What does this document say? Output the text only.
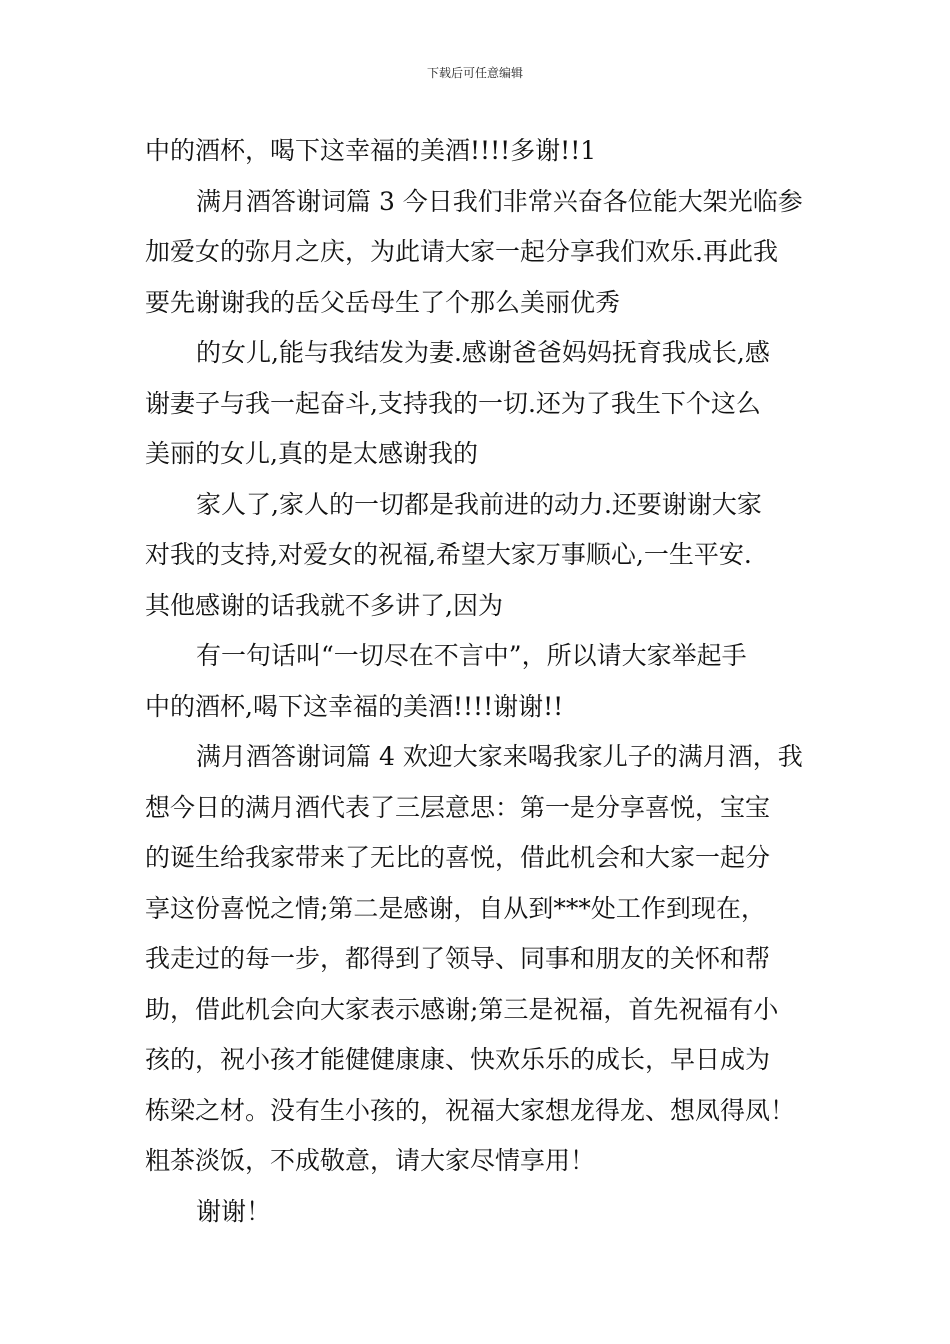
下载后可任意编辑
中的酒杯，喝下这幸福的美酒!!!!多谢!!1
满月酒答谢词篇 3 今日我们非常兴奋各位能大架光临参
加爱女的弥月之庆，为此请大家一起分享我们欢乐.再此我
要先谢谢我的岳父岳母生了个那么美丽优秀
的女儿,能与我结发为妻.感谢爸爸妈妈抚育我成长,感
谢妻子与我一起奋斗,支持我的一切.还为了我生下个这么
美丽的女儿,真的是太感谢我的
家人了,家人的一切都是我前进的动力.还要谢谢大家
对我的支持,对爱女的祝福,希望大家万事顺心,一生平安.
其他感谢的话我就不多讲了,因为
有一句话叫“一切尽在不言中”，所以请大家举起手
中的酒杯,喝下这幸福的美酒!!!!谢谢!!
满月酒答谢词篇 4 欢迎大家来喝我家儿子的满月酒，我
想今日的满月酒代表了三层意思：第一是分享喜悦，宝宝
的诞生给我家带来了无比的喜悦，借此机会和大家一起分
享这份喜悦之情;第二是感谢，自从到***处工作到现在，
我走过的每一步，都得到了领导、同事和朋友的关怀和帮
助，借此机会向大家表示感谢;第三是祝福，首先祝福有小
孩的，祝小孩才能健健康康、快欢乐乐的成长，早日成为
栋梁之材。没有生小孩的，祝福大家想龙得龙、想凤得凤！
粗茶淡饭，不成敬意，请大家尽情享用！
谢谢！
